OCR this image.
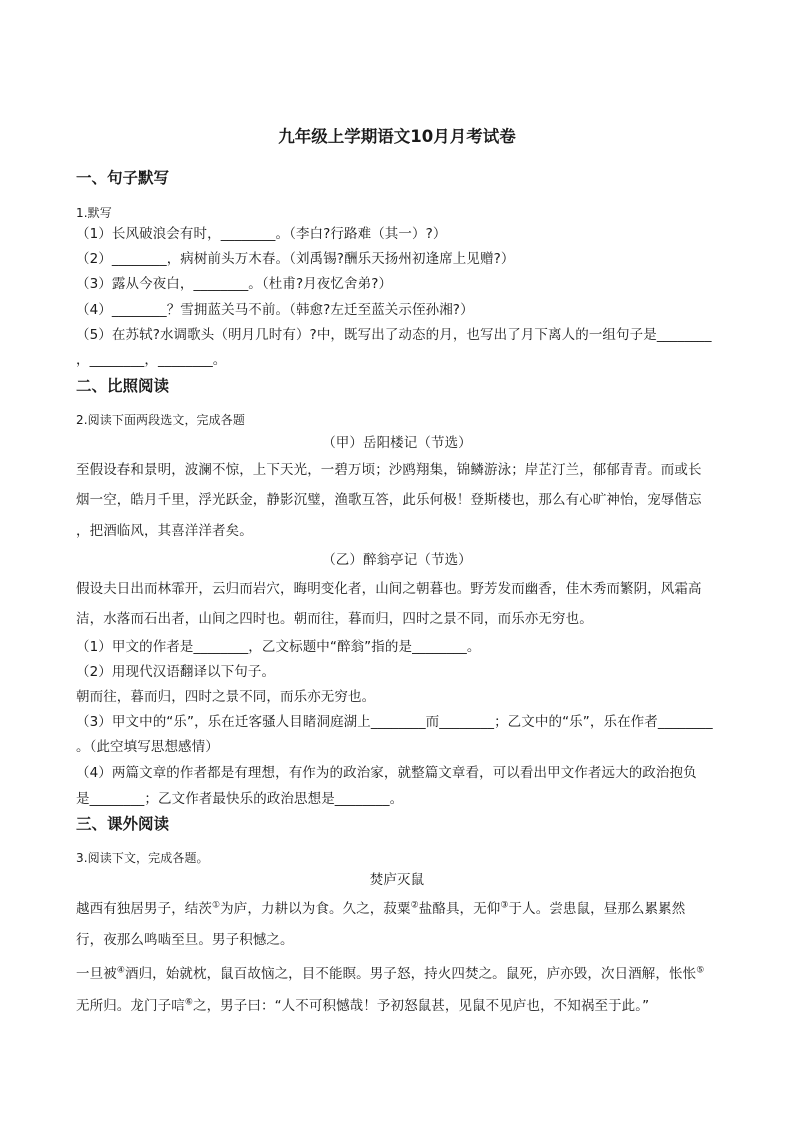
九年级上学期语文10月月考试卷
一、句子默写
1.默写
（1）长风破浪会有时，________。（李白?行路难（其一）?）
（2）________，病树前头万木春。（刘禹锡?酬乐天扬州初逢席上见赠?）
（3）露从今夜白，________。（杜甫?月夜忆舍弟?）
（4）________？雪拥蓝关马不前。（韩愈?左迁至蓝关示侄孙湘?）
（5）在苏轼?水调歌头（明月几时有）?中，既写出了动态的月，也写出了月下离人的一组句子是________
，________，________。
二、比照阅读
2.阅读下面两段选文，完成各题
（甲）岳阳楼记（节选）
至假设春和景明，波澜不惊，上下天光，一碧万顷；沙鸥翔集，锦鳞游泳；岸芷汀兰，郁郁青青。而或长
烟一空，皓月千里，浮光跃金，静影沉璧，渔歌互答，此乐何极！登斯楼也，那么有心旷神怡，宠辱偕忘
，把酒临风，其喜洋洋者矣。
（乙）醉翁亭记（节选）
假设夫日出而林霏开，云归而岩穴，晦明变化者，山间之朝暮也。野芳发而幽香，佳木秀而繁阴，风霜高
洁，水落而石出者，山间之四时也。朝而往，暮而归，四时之景不同，而乐亦无穷也。
（1）甲文的作者是________，乙文标题中“醉翁”指的是________。
（2）用现代汉语翻译以下句子。
朝而往，暮而归，四时之景不同，而乐亦无穷也。
（3）甲文中的“乐”，乐在迁客骚人目睹洞庭湖上________而________；乙文中的“乐”，乐在作者________
。（此空填写思想感情）
（4）两篇文章的作者都是有理想，有作为的政治家，就整篇文章看，可以看出甲文作者远大的政治抱负
是________；乙文作者最快乐的政治思想是________。
三、课外阅读
3.阅读下文，完成各题。
焚庐灭鼠
越西有独居男子，结茨①为庐，力耕以为食。久之，菽粟②盐酪具，无仰③于人。尝患鼠，昼那么累累然
行，夜那么鸣啮至旦。男子积憾之。
一旦被④酒归，始就枕，鼠百故恼之，目不能瞑。男子怒，持火四焚之。鼠死，庐亦毁，次日酒解，怅怅⑤
无所归。龙门子唁⑥之，男子曰：“人不可积憾哉！予初怒鼠甚，见鼠不见庐也，不知祸至于此。”
